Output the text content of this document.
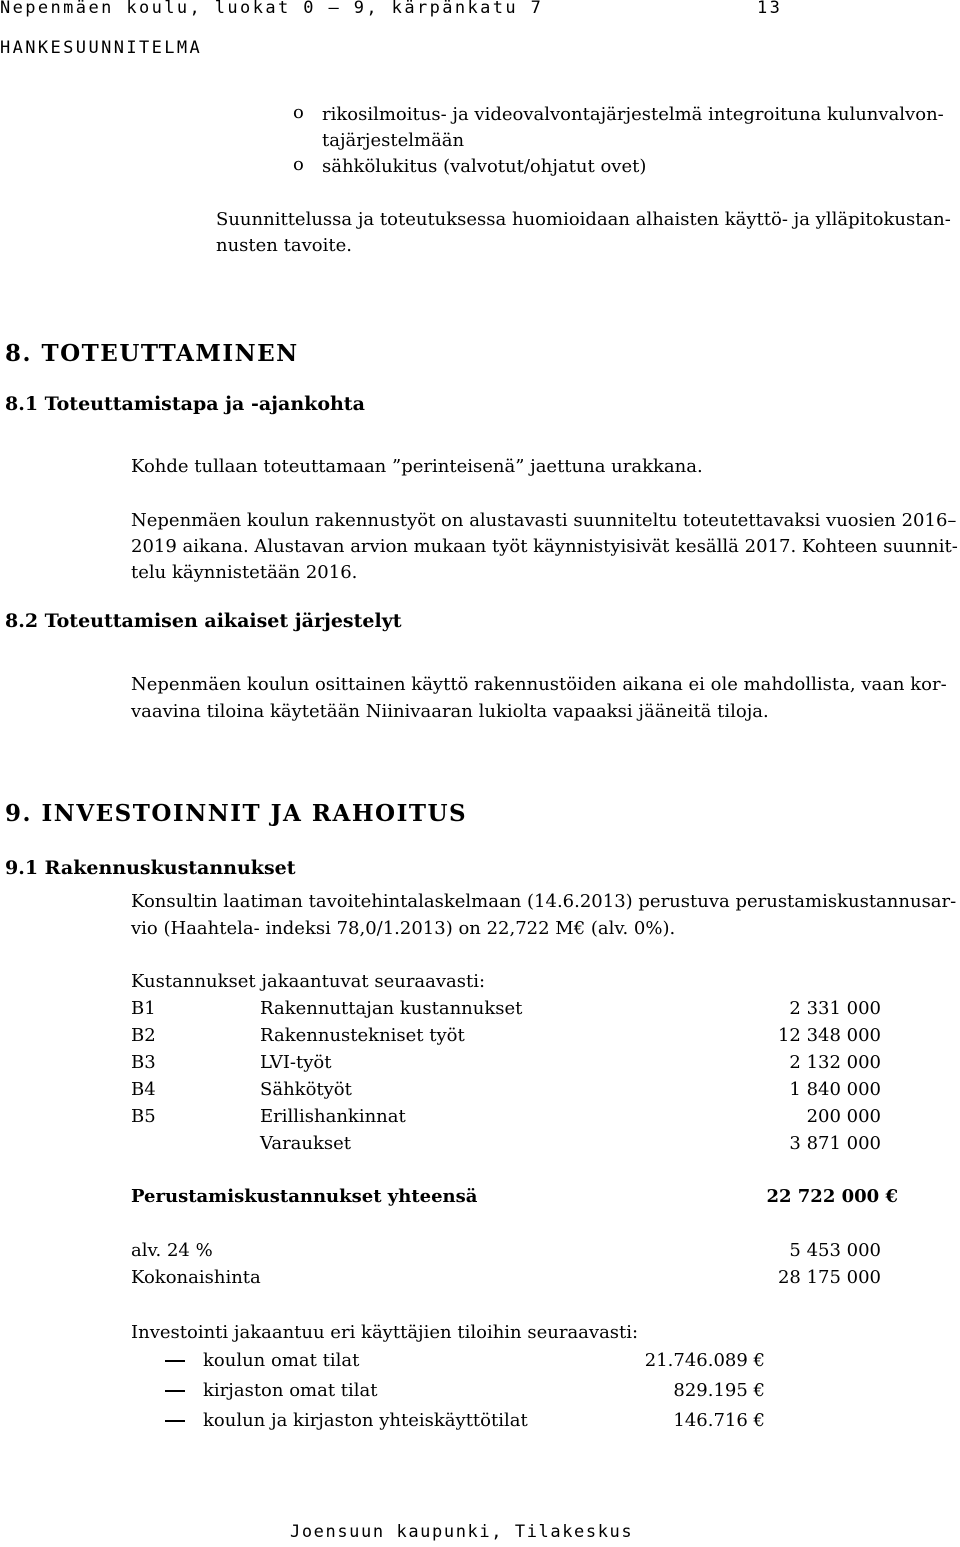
Nepenmäen koulu, luokat 0 – 9, kärpänkatu 7	13
HANKESUUNNITELMA
o rikosilmoitus- ja videovalvontajärjestelmä integroituna kulunvalvon-
tajärjestelmään
o sähkölukitus (valvotut/ohjatut ovet)
Suunnittelussa ja toteutuksessa huomioidaan alhaisten käyttö- ja ylläpitokustan-
nusten tavoite.
8. TOTEUTTAMINEN
8.1 Toteuttamistapa ja -ajankohta
Kohde tullaan toteuttamaan ”perinteisenä” jaettuna urakkana.
Nepenmäen koulun rakennustyöt on alustavasti suunniteltu toteutettavaksi vuosien 2016–
2019 aikana. Alustavan arvion mukaan työt käynnistyisivät kesällä 2017. Kohteen suunnit-
telu käynnistetään 2016.
8.2 Toteuttamisen aikaiset järjestelyt
Nepenmäen koulun osittainen käyttö rakennustöiden aikana ei ole mahdollista, vaan kor-
vaavina tiloina käytetään Niinivaaran lukiolta vapaaksi jääneitä tiloja.
9. INVESTOINNIT JA RAHOITUS
9.1 Rakennuskustannukset
Konsultin laatiman tavoitehintalaskelmaan (14.6.2013) perustuva perustamiskustannusar-
vio (Haahtela- indeksi 78,0/1.2013) on 22,722 M€ (alv. 0%).
Kustannukset jakaantuvat seuraavasti:
B1	Rakennuttajan kustannukset	2 331 000
B2	Rakennustekniset työt	12 348 000
B3	LVI-työt	2 132 000
B4	Sähkötyöt	1 840 000
B5	Erillishankinnat	200 000
Varaukset	3 871 000
Perustamiskustannukset yhteensä	22 722 000 €
alv. 24 %	5 453 000
Kokonaishinta	28 175 000
Investointi jakaantuu eri käyttäjien tiloihin seuraavasti:
koulun omat tilat	21.746.089 €
kirjaston omat tilat	829.195 €
koulun ja kirjaston yhteiskäyttötilat	146.716 €
Joensuun kaupunki, Tilakeskus
